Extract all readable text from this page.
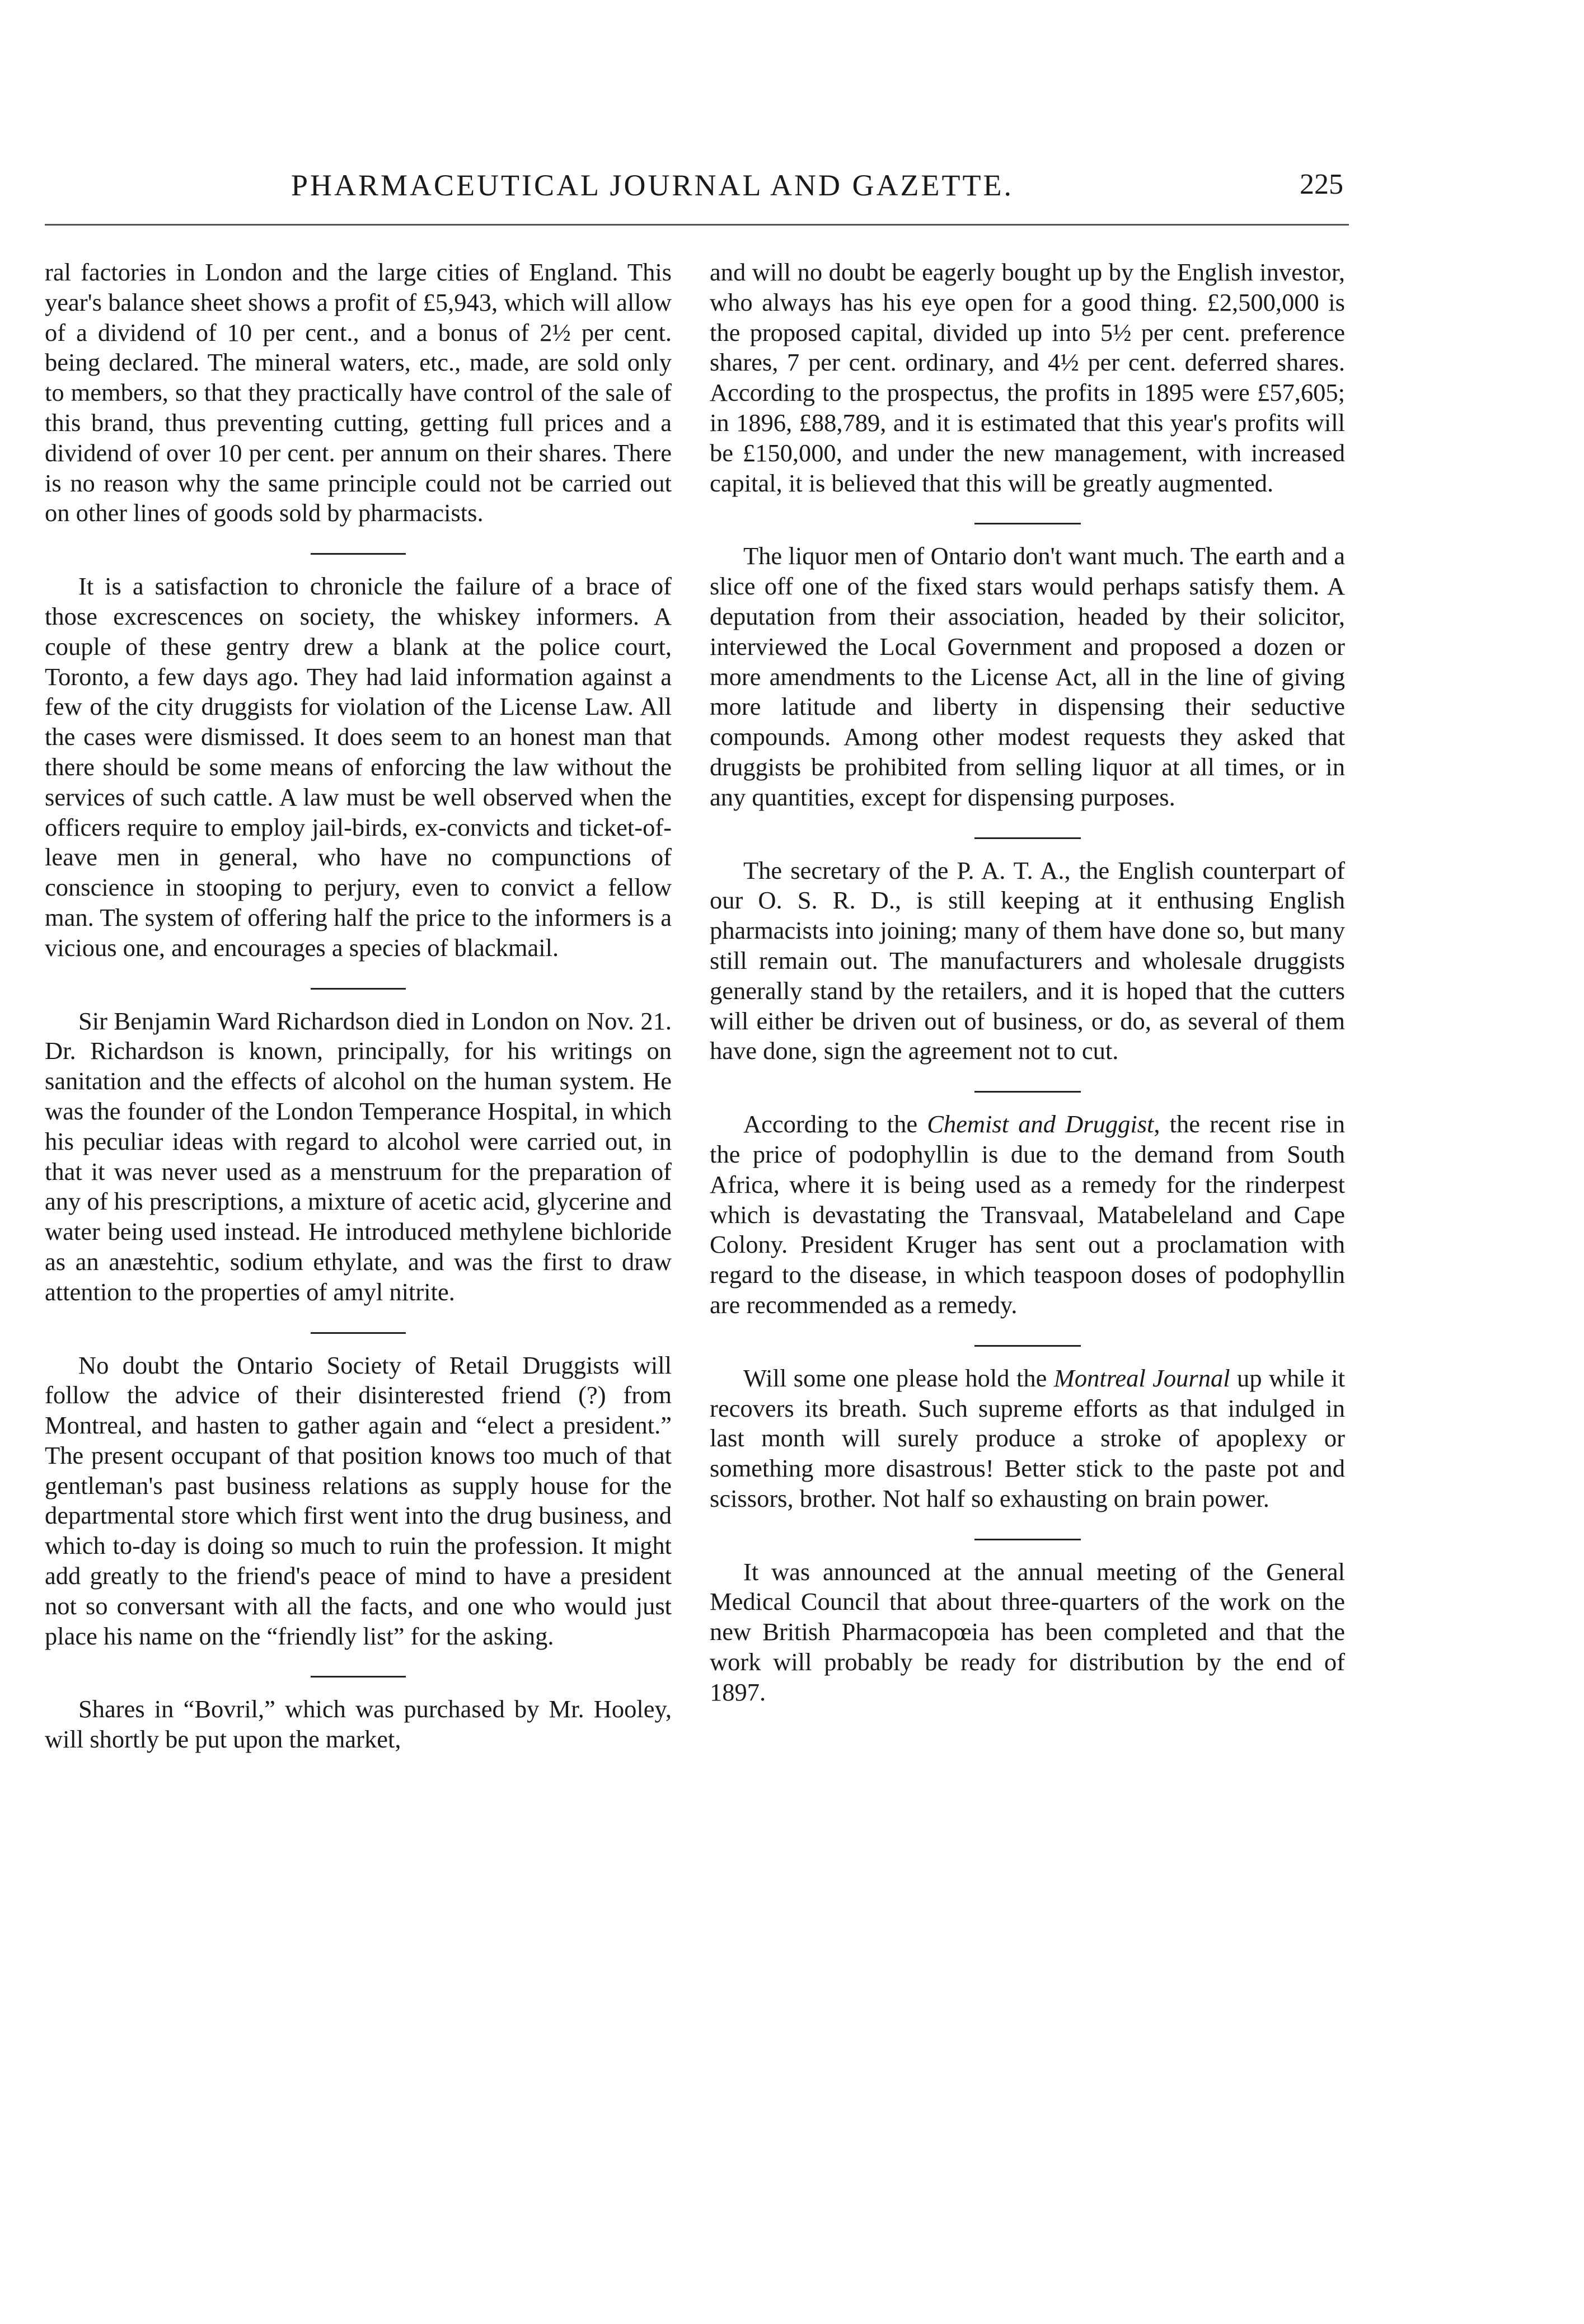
PHARMACEUTICAL JOURNAL AND GAZETTE.	225

ral factories in London and the large cities of England. This year's balance sheet shows a profit of £5,943, which will allow of a dividend of 10 per cent., and a bonus of 2½ per cent. being declared. The mineral waters, etc., made, are sold only to members, so that they practically have control of the sale of this brand, thus preventing cutting, getting full prices and a dividend of over 10 per cent. per annum on their shares. There is no reason why the same principle could not be carried out on other lines of goods sold by pharmacists.

It is a satisfaction to chronicle the failure of a brace of those excrescences on society, the whiskey informers. A couple of these gentry drew a blank at the police court, Toronto, a few days ago. They had laid information against a few of the city druggists for violation of the License Law. All the cases were dismissed. It does seem to an honest man that there should be some means of enforcing the law without the services of such cattle. A law must be well observed when the officers require to employ jail-birds, ex-convicts and ticket-of-leave men in general, who have no compunctions of conscience in stooping to perjury, even to convict a fellow man. The system of offering half the price to the informers is a vicious one, and encourages a species of blackmail.

Sir Benjamin Ward Richardson died in London on Nov. 21. Dr. Richardson is known, principally, for his writings on sanitation and the effects of alcohol on the human system. He was the founder of the London Temperance Hospital, in which his peculiar ideas with regard to alcohol were carried out, in that it was never used as a menstruum for the preparation of any of his prescriptions, a mixture of acetic acid, glycerine and water being used instead. He introduced methylene bichloride as an anæstehtic, sodium ethylate, and was the first to draw attention to the properties of amyl nitrite.

No doubt the Ontario Society of Retail Druggists will follow the advice of their disinterested friend (?) from Montreal, and hasten to gather again and “elect a president.” The present occupant of that position knows too much of that gentleman's past business relations as supply house for the departmental store which first went into the drug business, and which to-day is doing so much to ruin the profession. It might add greatly to the friend's peace of mind to have a president not so conversant with all the facts, and one who would just place his name on the “friendly list” for the asking.

Shares in “Bovril,” which was purchased by Mr. Hooley, will shortly be put upon the market,

and will no doubt be eagerly bought up by the English investor, who always has his eye open for a good thing. £2,500,000 is the proposed capital, divided up into 5½ per cent. preference shares, 7 per cent. ordinary, and 4½ per cent. deferred shares. According to the prospectus, the profits in 1895 were £57,605; in 1896, £88,789, and it is estimated that this year's profits will be £150,000, and under the new management, with increased capital, it is believed that this will be greatly augmented.

The liquor men of Ontario don't want much. The earth and a slice off one of the fixed stars would perhaps satisfy them. A deputation from their association, headed by their solicitor, interviewed the Local Government and proposed a dozen or more amendments to the License Act, all in the line of giving more latitude and liberty in dispensing their seductive compounds. Among other modest requests they asked that druggists be prohibited from selling liquor at all times, or in any quantities, except for dispensing purposes.

The secretary of the P. A. T. A., the English counterpart of our O. S. R. D., is still keeping at it enthusing English pharmacists into joining; many of them have done so, but many still remain out. The manufacturers and wholesale druggists generally stand by the retailers, and it is hoped that the cutters will either be driven out of business, or do, as several of them have done, sign the agreement not to cut.

According to the Chemist and Druggist, the recent rise in the price of podophyllin is due to the demand from South Africa, where it is being used as a remedy for the rinderpest which is devastating the Transvaal, Matabeleland and Cape Colony. President Kruger has sent out a proclamation with regard to the disease, in which teaspoon doses of podophyllin are recommended as a remedy.

Will some one please hold the Montreal Journal up while it recovers its breath. Such supreme efforts as that indulged in last month will surely produce a stroke of apoplexy or something more disastrous! Better stick to the paste pot and scissors, brother. Not half so exhausting on brain power.

It was announced at the annual meeting of the General Medical Council that about three-quarters of the work on the new British Pharmacopœia has been completed and that the work will probably be ready for distribution by the end of 1897.
